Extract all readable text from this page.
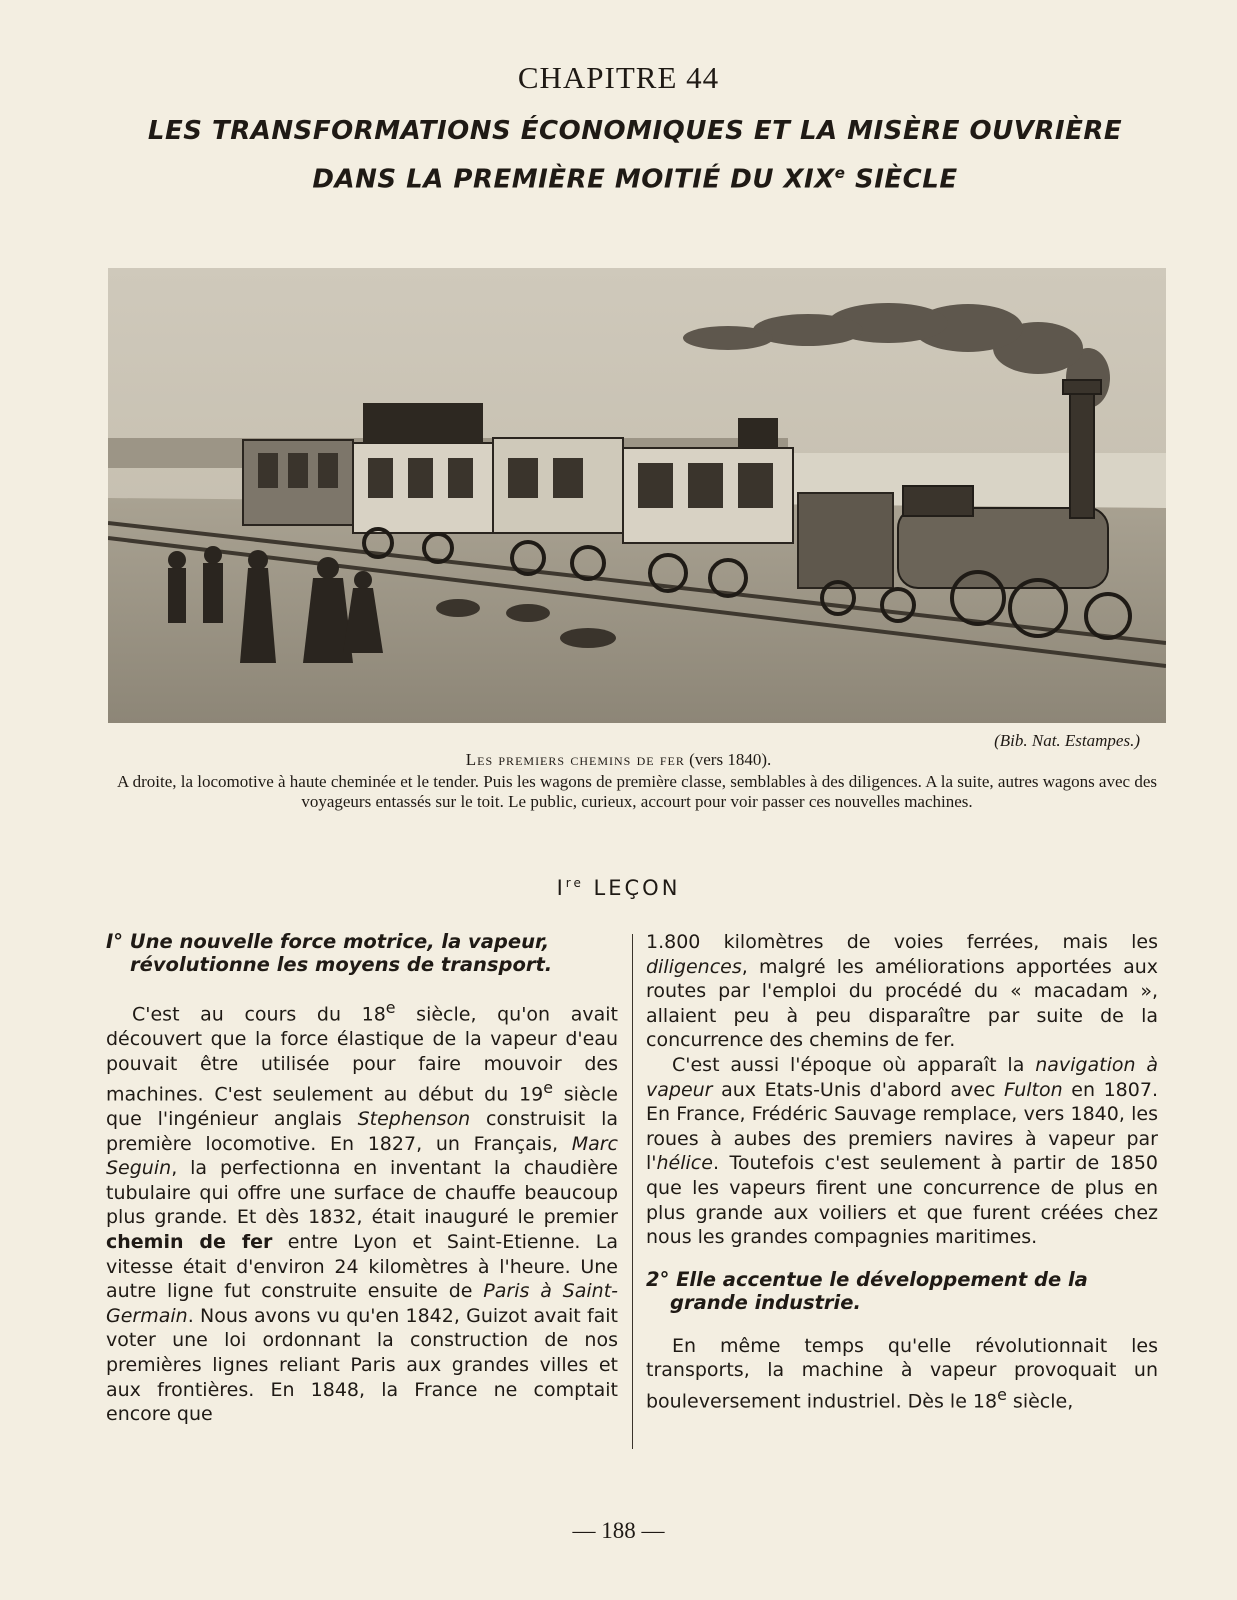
CHAPITRE 44
LES TRANSFORMATIONS ÉCONOMIQUES ET LA MISÈRE OUVRIÈRE
DANS LA PREMIÈRE MOITIÉ DU XIXe SIÈCLE
(Bib. Nat. Estampes.)
Les premiers chemins de fer (vers 1840).
A droite, la locomotive à haute cheminée et le tender. Puis les wagons de première classe, semblables à des diligences. A la suite, autres wagons avec des voyageurs entassés sur le toit. Le public, curieux, accourt pour voir passer ces nouvelles machines.
Ire LEÇON
I° Une nouvelle force motrice, la vapeur, révolutionne les moyens de transport.

C'est au cours du 18e siècle, qu'on avait découvert que la force élastique de la vapeur d'eau pouvait être utilisée pour faire mouvoir des machines. C'est seulement au début du 19e siècle que l'ingénieur anglais Stephenson construisit la première locomotive. En 1827, un Français, Marc Seguin, la perfectionna en inventant la chaudière tubulaire qui offre une surface de chauffe beaucoup plus grande. Et dès 1832, était inauguré le premier chemin de fer entre Lyon et Saint-Etienne. La vitesse était d'environ 24 kilomètres à l'heure. Une autre ligne fut construite ensuite de Paris à Saint-Germain. Nous avons vu qu'en 1842, Guizot avait fait voter une loi ordonnant la construction de nos premières lignes reliant Paris aux grandes villes et aux frontières. En 1848, la France ne comptait encore que

1.800 kilomètres de voies ferrées, mais les diligences, malgré les améliorations apportées aux routes par l'emploi du procédé du « macadam », allaient peu à peu disparaître par suite de la concurrence des chemins de fer.

C'est aussi l'époque où apparaît la navigation à vapeur aux Etats-Unis d'abord avec Fulton en 1807. En France, Frédéric Sauvage remplace, vers 1840, les roues à aubes des premiers navires à vapeur par l'hélice. Toutefois c'est seulement à partir de 1850 que les vapeurs firent une concurrence de plus en plus grande aux voiliers et que furent créées chez nous les grandes compagnies maritimes.

2° Elle accentue le développement de la grande industrie.

En même temps qu'elle révolutionnait les transports, la machine à vapeur provoquait un bouleversement industriel. Dès le 18e siècle,

— 188 —
